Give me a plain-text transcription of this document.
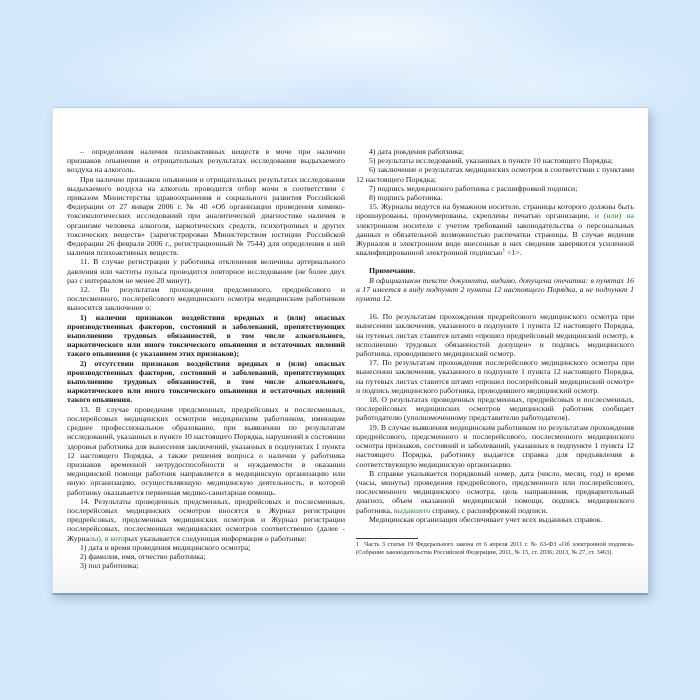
– определения наличия психоактивных веществ в моче при наличии признаков опьянения и отрицательных результатах исследования выдыхаемого воздуха на алкоголь.

При наличии признаков опьянения и отрицательных результатах исследования выдыхаемого воздуха на алкоголь проводится отбор мочи в соответствии с приказом Министерства здравоохранения и социального развития Российской Федерации от 27 января 2006 г. № 40 «Об организации проведения химико-токсикологических исследований при аналитической диагностике наличия в организме человека алкоголя, наркотических средств, психотропных и других токсических веществ» (зарегистрирован Министерством юстиции Российской Федерации 26 февраля 2006 г., регистрационный № 7544) для определения в ней наличия психоактивных веществ.

11. В случае регистрации у работника отклонения величины артериального давления или частоты пульса проводится повторное исследование (не более двух раз с интервалом не менее 20 минут).

12. По результатам прохождения предсменного, предрейсового и послесменного, послерейсового медицинского осмотра медицинским работником выносится заключение о:

1) наличии признаков воздействия вредных и (или) опасных производственных факторов, состояний и заболеваний, препятствующих выполнению трудовых обязанностей, в том числе алкогольного, наркотического или иного токсического опьянения и остаточных явлений такого опьянения (с указанием этих признаков);

2) отсутствии признаков воздействия вредных и (или) опасных производственных факторов, состояний и заболеваний, препятствующих выполнению трудовых обязанностей, в том числе алкогольного, наркотического или иного токсического опьянения и остаточных явлений такого опьянения.

13. В случае проведения предсменных, предрейсовых и послесменных, послерейсовых медицинских осмотров медицинским работником, имеющим среднее профессиональное образование, при выявлении по результатам исследований, указанных в пункте 10 настоящего Порядка, нарушений в состоянии здоровья работника для вынесения заключений, указанных в подпунктах 1 пункта 12 настоящего Порядка, а также решения вопроса о наличии у работника признаков временной нетрудоспособности и нуждаемости в оказании медицинской помощи работник направляется в медицинскую организацию или иную организацию, осуществляющую медицинскую деятельность, в которой работнику оказывается первичная медико-санитарная помощь.

14. Результаты проведенных предсменных, предрейсовых и послесменных, послерейсовых медицинских осмотров вносятся в Журнал регистрации предрейсовых, предсменных медицинских осмотров и Журнал регистрации послерейсовых, послесменных медицинских осмотров соответственно (далее - Журналы), в которых указывается следующая информация о работнике:

1) дата и время проведения медицинского осмотра;

2) фамилия, имя, отчество работника;

3) пол работника;

4) дата рождения работника;

5) результаты исследований, указанных в пункте 10 настоящего Порядка;

6) заключение о результатах медицинских осмотров в соответствии с пунктами 12 настоящего Порядка;

7) подпись медицинского работника с расшифровкой подписи;

8) подпись работника.

15. Журналы ведутся на бумажном носителе, страницы которого должны быть прошнурованы, пронумерованы, скреплены печатью организации, и (или) на электронном носителе с учетом требований законодательства о персональных данных и обязательной возможностью распечатки страницы. В случае ведения Журналов в электронном виде внесенные в них сведения заверяются усиленной квалифицированной электронной подписью$^1$ <1>.

Примечание.

В официальном тексте документа, видимо, допущена опечатка: в пунктах 16 и 17 имеется в виду подпункт 2 пункта 12 настоящего Порядка, а не подпункт 1 пункта 12.

16. По результатам прохождения предрейсового медицинского осмотра при вынесении заключения, указанного в подпункте 1 пункта 12 настоящего Порядка, на путевых листах ставится штамп «прошел предрейсовый медицинский осмотр, к исполнению трудовых обязанностей допущен» и подпись медицинского работника, проводившего медицинский осмотр.

17. По результатам прохождения послерейсового медицинского осмотра при вынесении заключения, указанного в подпункте 1 пункта 12 настоящего Порядка, на путевых листах ставится штамп «прошел послерейсовый медицинский осмотр» и подпись медицинского работника, проводившего медицинский осмотр.

18. О результатах проведенных предсменных, предрейсовых и послесменных, послерейсовых медицинских осмотров медицинский работник сообщает работодателю (уполномоченному представителю работодателя).

19. В случае выявления медицинским работником по результатам прохождения предрейсового, предсменного и послерейсового, послесменного медицинского осмотра признаков, состояний и заболеваний, указанных в подпункте 1 пункта 12 настоящего Порядка, работнику выдается справка для предъявления в соответствующую медицинскую организацию.

В справке указывается порядковый номер, дата (число, месяц, год) и время (часы, минуты) проведения предрейсового, предсменного или послерейсового, послесменного медицинского осмотра, цель направления, предварительный диагноз, объем оказанной медицинской помощи, подпись медицинского работника, выдавшего справку, с расшифровкой подписи.

Медицинская организация обеспечивает учет всех выданных справок.

1 Часть 3 статьи 19 Федерального закона от 6 апреля 2011 г. № 63-ФЗ «Об электронной подписи» (Собрание законодательства Российской Федерации, 2011, № 15, ст. 2036; 2013, № 27, ст. 3463).
